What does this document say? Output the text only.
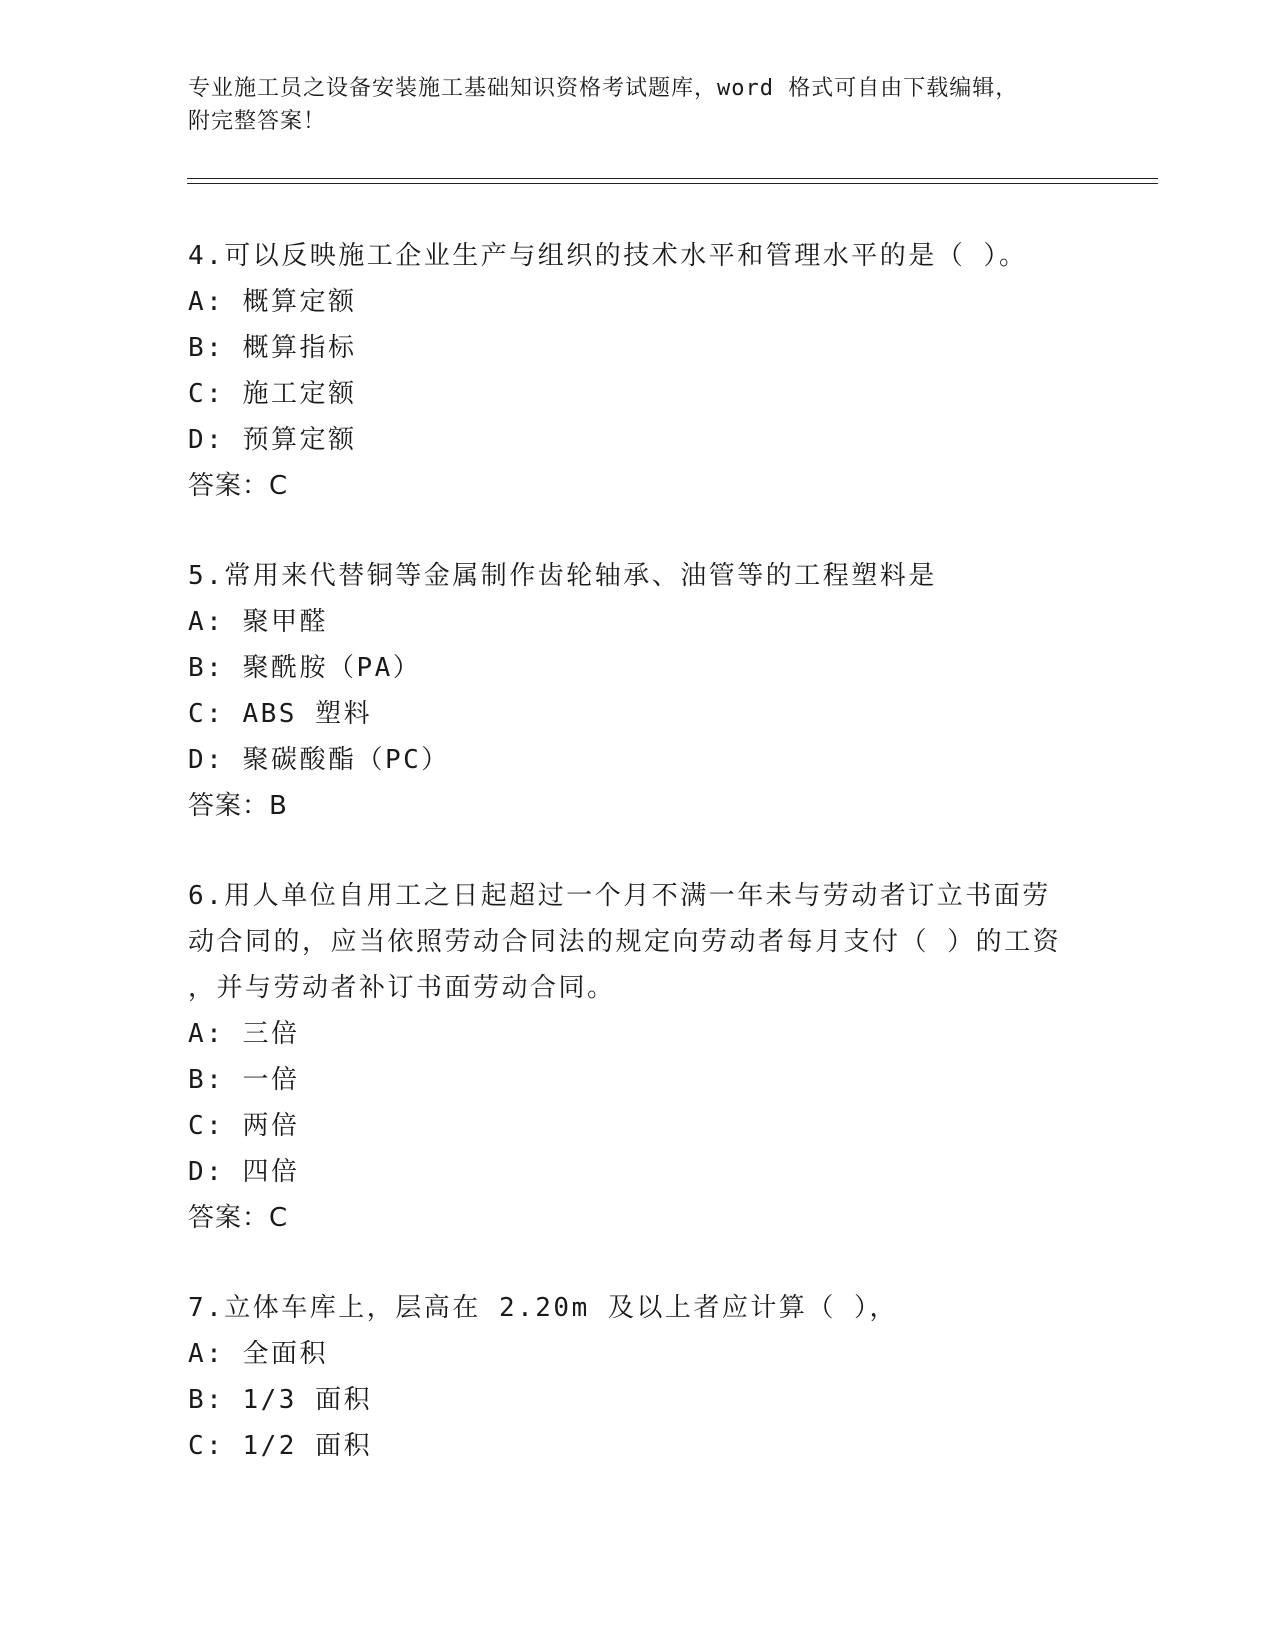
专业施工员之设备安装施工基础知识资格考试题库，word 格式可自由下载编辑，
附完整答案！

4.可以反映施工企业生产与组织的技术水平和管理水平的是（ ）。

A: 概算定额

B: 概算指标

C: 施工定额

D: 预算定额

答案：C

5.常用来代替铜等金属制作齿轮轴承、油管等的工程塑料是

A: 聚甲醛

B: 聚酰胺（PA）

C: ABS 塑料

D: 聚碳酸酯（PC）

答案：B

6.用人单位自用工之日起超过一个月不满一年未与劳动者订立书面劳

动合同的，应当依照劳动合同法的规定向劳动者每月支付（ ）的工资

，并与劳动者补订书面劳动合同。

A: 三倍

B: 一倍

C: 两倍

D: 四倍

答案：C

7.立体车库上，层高在 2.20m 及以上者应计算（ ），

A: 全面积

B: 1/3 面积

C: 1/2 面积
